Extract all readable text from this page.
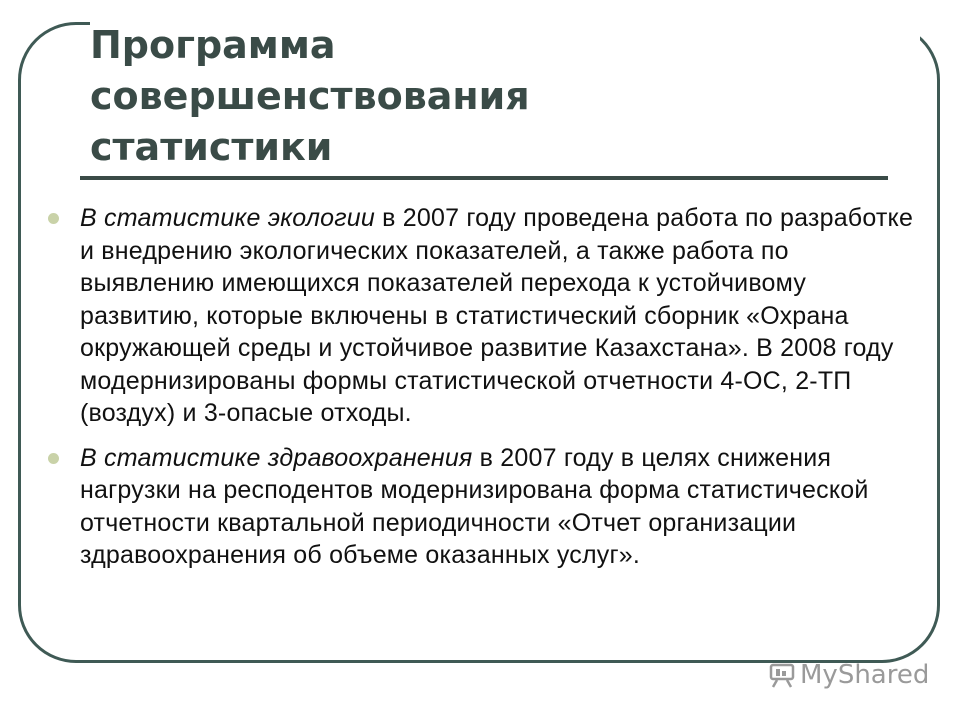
Программа
совершенствования
статистики

В статистике экологии в 2007 году проведена работа по разработке и внедрению экологических показателей, а также работа по выявлению имеющихся показателей перехода к устойчивому развитию, которые включены в статистический сборник «Охрана окружающей среды и устойчивое развитие Казахстана». В 2008 году модернизированы формы статистической отчетности 4-ОС, 2-ТП (воздух) и 3-опасые отходы.

В статистике здравоохранения в 2007 году в целях снижения нагрузки на респодентов модернизирована форма статистической отчетности квартальной периодичности «Отчет организации здравоохранения об объеме оказанных услуг».

MyShared
